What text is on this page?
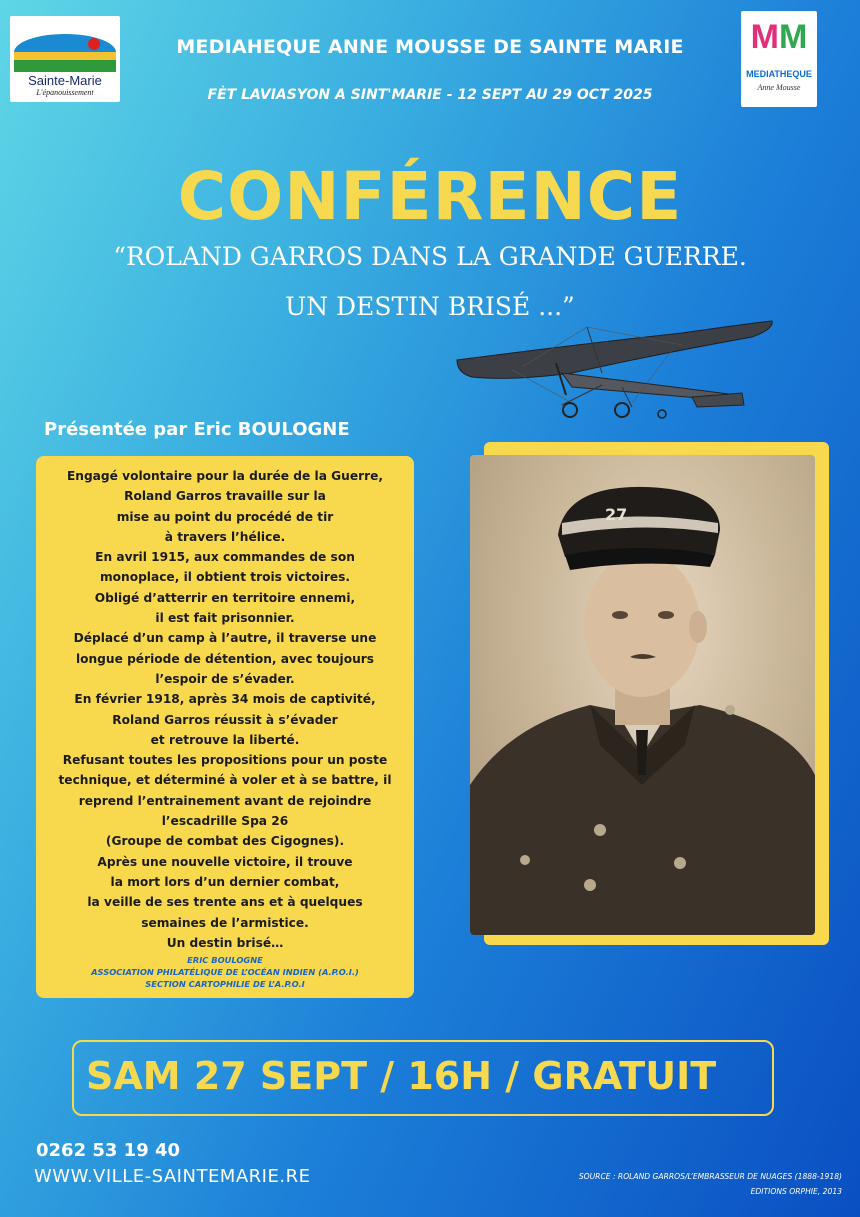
Sainte-Marie
L'épanouissement
MM
MEDIATHEQUE
Anne Mousse
MEDIAHEQUE ANNE MOUSSE DE SAINTE MARIE
FÈT LAVIASYON A SINT'MARIE - 12 SEPT AU 29 OCT 2025
CONFÉRENCE
“ROLAND GARROS DANS LA GRANDE GUERRE.
UN DESTIN BRISÉ ...”
Présentée par Eric BOULOGNE
Engagé volontaire pour la durée de la Guerre,
Roland Garros travaille sur la
mise au point du procédé de tir
à travers l’hélice.
En avril 1915, aux commandes de son
monoplace, il obtient trois victoires.
Obligé d’atterrir en territoire ennemi,
il est fait prisonnier.
Déplacé d’un camp à l’autre, il traverse une
longue période de détention, avec toujours
l’espoir de s’évader.
En février 1918, après 34 mois de captivité,
Roland Garros réussit à s’évader
et retrouve la liberté.
Refusant toutes les propositions pour un poste
technique, et déterminé à voler et à se battre, il
reprend l’entrainement avant de rejoindre
l’escadrille Spa 26
(Groupe de combat des Cigognes).
Après une nouvelle victoire, il trouve
la mort lors d’un dernier combat,
la veille de ses trente ans et à quelques
semaines de l’armistice.
Un destin brisé…
ERIC BOULOGNE
ASSOCIATION PHILATÉLIQUE DE L’OCÉAN INDIEN (A.P.O.I.)
SECTION CARTOPHILIE DE L’A.P.O.I
27
SAM 27 SEPT / 16H / GRATUIT
0262 53 19 40
WWW.VILLE-SAINTEMARIE.RE	SOURCE : ROLAND GARROS/L’EMBRASSEUR DE NUAGES (1888-1918)
EDITIONS ORPHIE, 2013
